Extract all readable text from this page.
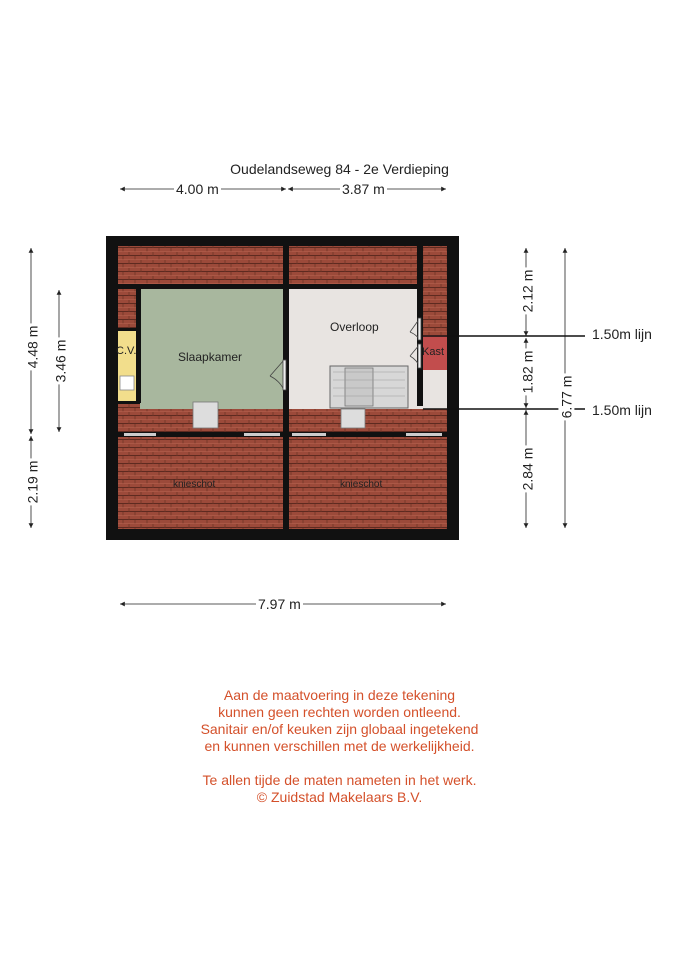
Oudelandseweg 84 - 2e Verdieping
4.00 m	3.87 m
7.97 m
4.48 m
2.19 m
3.46 m
2.12 m
1.82 m
2.84 m
6.77 m
1.50m lijn
1.50m lijn
C.V.	Slaapkamer
Overloop
Kast
knieschot	knieschot
Aan de maatvoering in deze tekening
kunnen geen rechten worden ontleend.
Sanitair en/of keuken zijn globaal ingetekend
en kunnen verschillen met de werkelijkheid.
Te allen tijde de maten nameten in het werk.
© Zuidstad Makelaars B.V.
